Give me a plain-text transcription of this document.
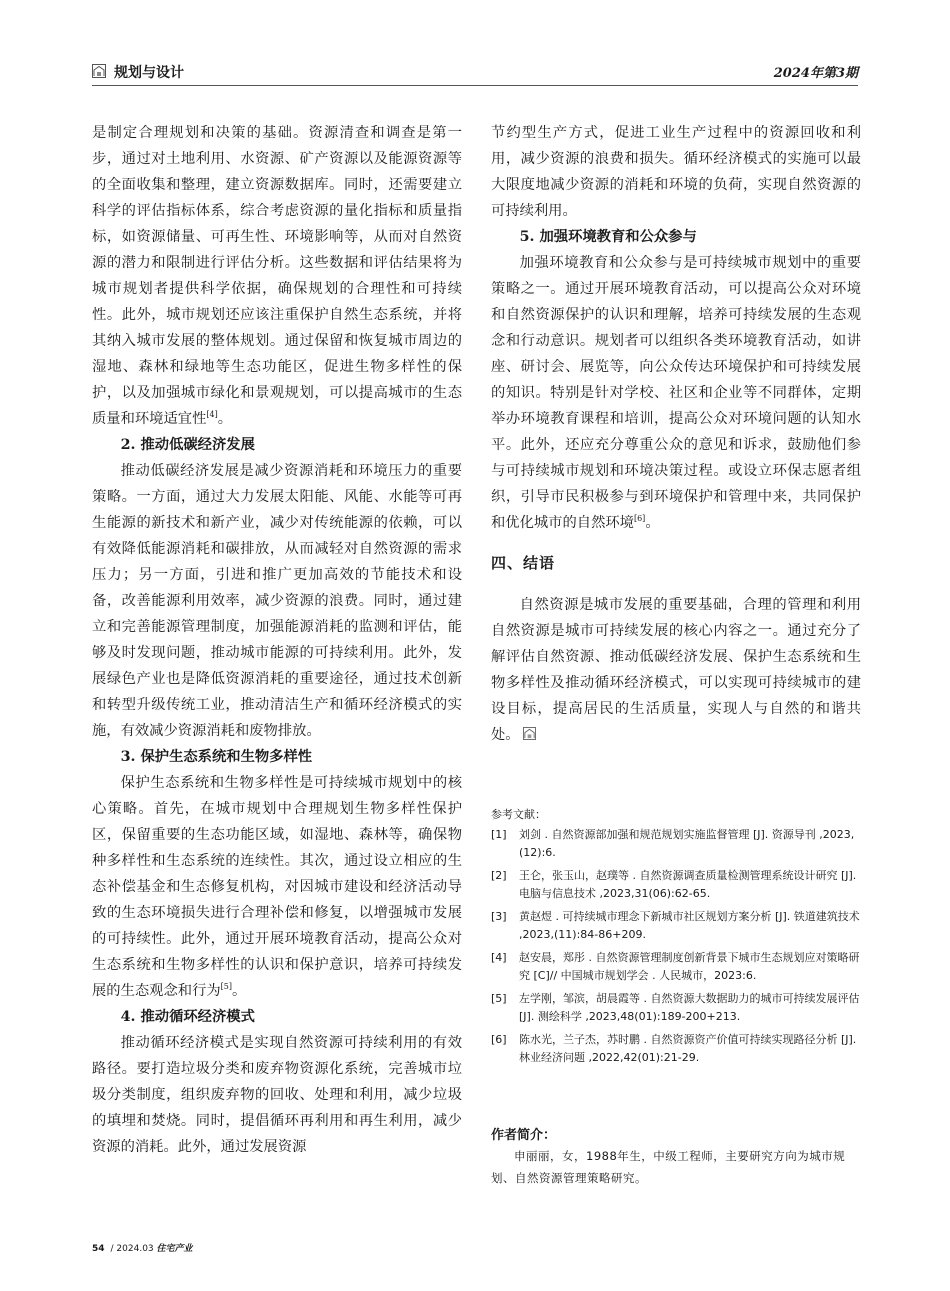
规划与设计	2024年第3期

是制定合理规划和决策的基础。资源清查和调查是第一步，通过对土地利用、水资源、矿产资源以及能源资源等的全面收集和整理，建立资源数据库。同时，还需要建立科学的评估指标体系，综合考虑资源的量化指标和质量指标，如资源储量、可再生性、环境影响等，从而对自然资源的潜力和限制进行评估分析。这些数据和评估结果将为城市规划者提供科学依据，确保规划的合理性和可持续性。此外，城市规划还应该注重保护自然生态系统，并将其纳入城市发展的整体规划。通过保留和恢复城市周边的湿地、森林和绿地等生态功能区，促进生物多样性的保护，以及加强城市绿化和景观规划，可以提高城市的生态质量和环境适宜性[4]。

2. 推动低碳经济发展

推动低碳经济发展是减少资源消耗和环境压力的重要策略。一方面，通过大力发展太阳能、风能、水能等可再生能源的新技术和新产业，减少对传统能源的依赖，可以有效降低能源消耗和碳排放，从而减轻对自然资源的需求压力；另一方面，引进和推广更加高效的节能技术和设备，改善能源利用效率，减少资源的浪费。同时，通过建立和完善能源管理制度，加强能源消耗的监测和评估，能够及时发现问题，推动城市能源的可持续利用。此外，发展绿色产业也是降低资源消耗的重要途径，通过技术创新和转型升级传统工业，推动清洁生产和循环经济模式的实施，有效减少资源消耗和废物排放。

3. 保护生态系统和生物多样性

保护生态系统和生物多样性是可持续城市规划中的核心策略。首先，在城市规划中合理规划生物多样性保护区，保留重要的生态功能区域，如湿地、森林等，确保物种多样性和生态系统的连续性。其次，通过设立相应的生态补偿基金和生态修复机构，对因城市建设和经济活动导致的生态环境损失进行合理补偿和修复，以增强城市发展的可持续性。此外，通过开展环境教育活动，提高公众对生态系统和生物多样性的认识和保护意识，培养可持续发展的生态观念和行为[5]。

4. 推动循环经济模式

推动循环经济模式是实现自然资源可持续利用的有效路径。要打造垃圾分类和废弃物资源化系统，完善城市垃圾分类制度，组织废弃物的回收、处理和利用，减少垃圾的填埋和焚烧。同时，提倡循环再利用和再生利用，减少资源的消耗。此外，通过发展资源

节约型生产方式，促进工业生产过程中的资源回收和利用，减少资源的浪费和损失。循环经济模式的实施可以最大限度地减少资源的消耗和环境的负荷，实现自然资源的可持续利用。

5. 加强环境教育和公众参与

加强环境教育和公众参与是可持续城市规划中的重要策略之一。通过开展环境教育活动，可以提高公众对环境和自然资源保护的认识和理解，培养可持续发展的生态观念和行动意识。规划者可以组织各类环境教育活动，如讲座、研讨会、展览等，向公众传达环境保护和可持续发展的知识。特别是针对学校、社区和企业等不同群体，定期举办环境教育课程和培训，提高公众对环境问题的认知水平。此外，还应充分尊重公众的意见和诉求，鼓励他们参与可持续城市规划和环境决策过程。或设立环保志愿者组织，引导市民积极参与到环境保护和管理中来，共同保护和优化城市的自然环境[6]。

四、结语

自然资源是城市发展的重要基础，合理的管理和利用自然资源是城市可持续发展的核心内容之一。通过充分了解评估自然资源、推动低碳经济发展、保护生态系统和生物多样性及推动循环经济模式，可以实现可持续城市的建设目标，提高居民的生活质量，实现人与自然的和谐共处。

参考文献：
[1]	刘剑 . 自然资源部加强和规范规划实施监督管理 [J]. 资源导刊 ,2023,(12):6.
[2]	王仑，张玉山，赵璞等 . 自然资源调查质量检测管理系统设计研究 [J]. 电脑与信息技术 ,2023,31(06):62-65.
[3]	黄赵煜 . 可持续城市理念下新城市社区规划方案分析 [J]. 铁道建筑技术 ,2023,(11):84-86+209.
[4]	赵安晨，郑彤 . 自然资源管理制度创新背景下城市生态规划应对策略研究 [C]// 中国城市规划学会 . 人民城市，2023:6.
[5]	左学刚，邹滨，胡晨霞等 . 自然资源大数据助力的城市可持续发展评估 [J]. 测绘科学 ,2023,48(01):189-200+213.
[6]	陈水光，兰子杰，苏时鹏 . 自然资源资产价值可持续实现路径分析 [J]. 林业经济问题 ,2022,42(01):21-29.
作者简介：
申丽丽，女，1988年生，中级工程师，主要研究方向为城市规划、自然资源管理策略研究。
54 / 2024.03 住宅产业
